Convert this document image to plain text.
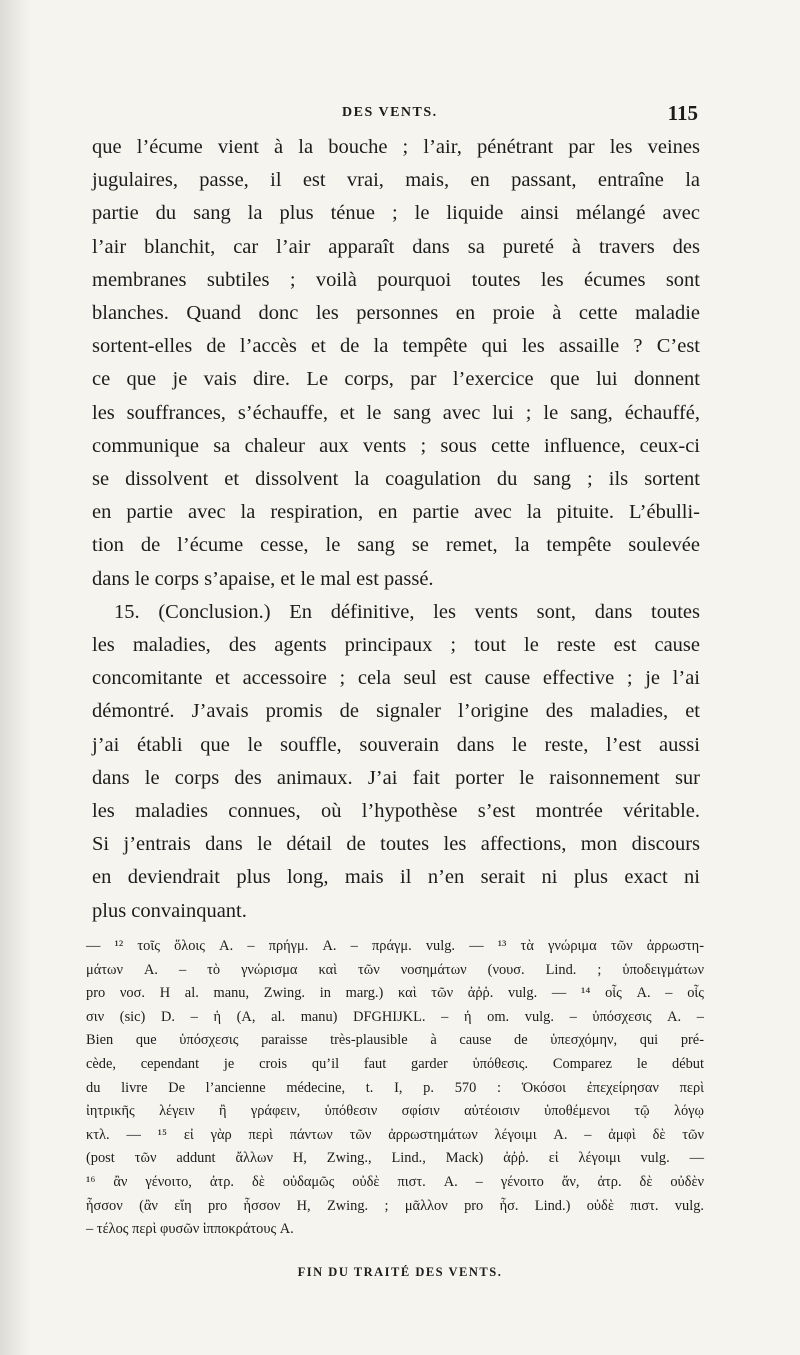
DES VENTS.	115
que l’écume vient à la bouche ; l’air, pénétrant par les veines
jugulaires, passe, il est vrai, mais, en passant, entraîne la
partie du sang la plus ténue ; le liquide ainsi mélangé avec
l’air blanchit, car l’air apparaît dans sa pureté à travers des
membranes subtiles ; voilà pourquoi toutes les écumes sont
blanches. Quand donc les personnes en proie à cette maladie
sortent-elles de l’accès et de la tempête qui les assaille ? C’est
ce que je vais dire. Le corps, par l’exercice que lui donnent
les souffrances, s’échauffe, et le sang avec lui ; le sang, échauffé,
communique sa chaleur aux vents ; sous cette influence, ceux-ci
se dissolvent et dissolvent la coagulation du sang ; ils sortent
en partie avec la respiration, en partie avec la pituite. L’ébulli-
tion de l’écume cesse, le sang se remet, la tempête soulevée
dans le corps s’apaise, et le mal est passé.
15. (Conclusion.) En définitive, les vents sont, dans toutes
les maladies, des agents principaux ; tout le reste est cause
concomitante et accessoire ; cela seul est cause effective ; je l’ai
démontré. J’avais promis de signaler l’origine des maladies, et
j’ai établi que le souffle, souverain dans le reste, l’est aussi
dans le corps des animaux. J’ai fait porter le raisonnement sur
les maladies connues, où l’hypothèse s’est montrée véritable.
Si j’entrais dans le détail de toutes les affections, mon discours
en deviendrait plus long, mais il n’en serait ni plus exact ni
plus convainquant.
— ¹² τοῖς ὅλοις A. – πρήγμ. A. – πράγμ. vulg. — ¹³ τὰ γνώριμα τῶν ἀρρωστη-
μάτων A. – τὸ γνώρισμα καὶ τῶν νοσημάτων (νουσ. Lind. ; ὑποδειγμάτων
pro νοσ. H al. manu, Zwing. in marg.) καὶ τῶν ἀῤῥ. vulg. — ¹⁴ οἷς A. – οἷς
σιν (sic) D. – ἡ (A, al. manu) DFGHIJKL. – ἡ om. vulg. – ὑπόσχεσις A. –
Bien que ὑπόσχεσις paraisse très-plausible à cause de ὑπεσχόμην, qui pré-
cède, cependant je crois qu’il faut garder ὑπόθεσις. Comparez le début
du livre De l’ancienne médecine, t. I, p. 570 : Ὁκόσοι ἐπεχείρησαν περὶ
ἰητρικῆς λέγειν ἢ γράφειν, ὑπόθεσιν σφίσιν αὐτέοισιν ὑποθέμενοι τῷ λόγῳ
κτλ. — ¹⁵ εἰ γὰρ περὶ πάντων τῶν ἀρρωστημάτων λέγοιμι A. – ἀμφὶ δὲ τῶν
(post τῶν addunt ἄλλων H, Zwing., Lind., Mack) ἀῤῥ. εἰ λέγοιμι vulg. —
¹⁶ ἂν γένοιτο, ἀτρ. δὲ οὐδαμῶς οὐδὲ πιστ. A. – γένοιτο ἄν, ἀτρ. δὲ οὐδὲν
ἧσσον (ἂν εἴη pro ἧσσον H, Zwing. ; μᾶλλον pro ἧσ. Lind.) οὐδὲ πιστ. vulg.
– τέλος περὶ φυσῶν ἱπποκράτους A.
FIN DU TRAITÉ DES VENTS.
